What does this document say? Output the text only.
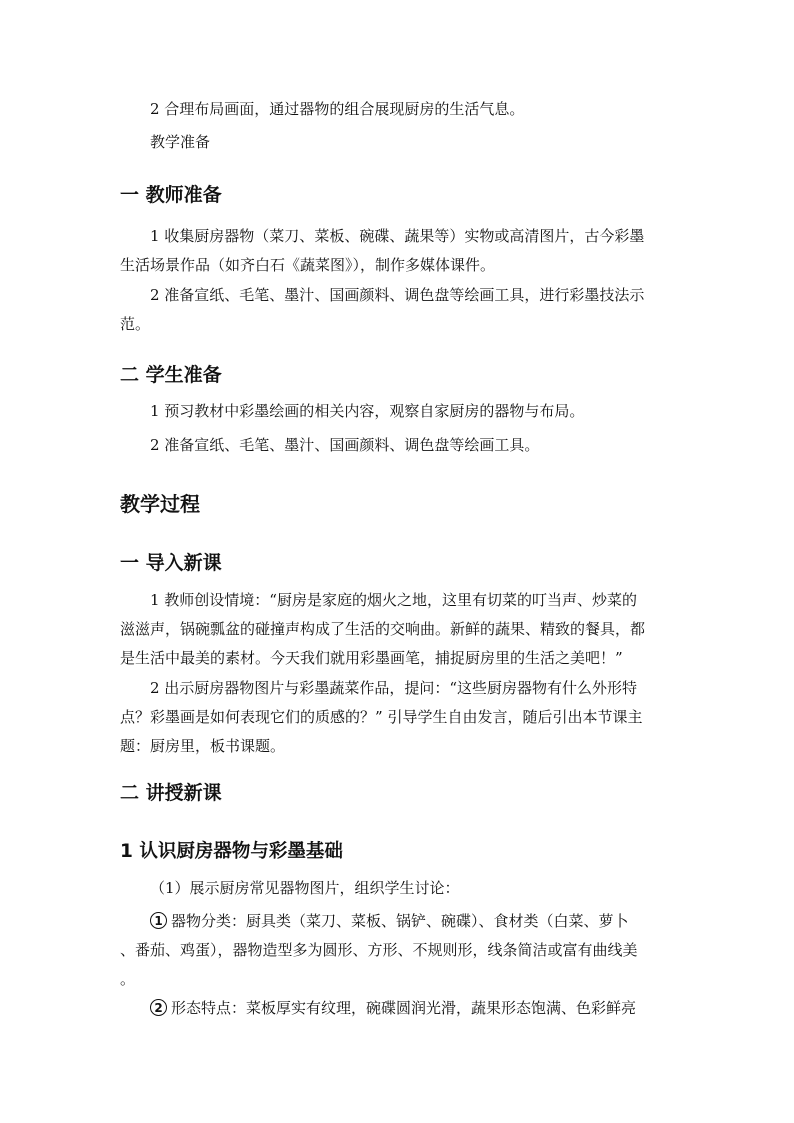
2 合理布局画面，通过器物的组合展现厨房的生活气息。

教学准备

一 教师准备
1 收集厨房器物（菜刀、菜板、碗碟、蔬果等）实物或高清图片，古今彩墨
生活场景作品（如齐白石《蔬菜图》），制作多媒体课件。
2 准备宣纸、毛笔、墨汁、国画颜料、调色盘等绘画工具，进行彩墨技法示
范。
二 学生准备

1 预习教材中彩墨绘画的相关内容，观察自家厨房的器物与布局。

2 准备宣纸、毛笔、墨汁、国画颜料、调色盘等绘画工具。

教学过程
一 导入新课
1 教师创设情境：“厨房是家庭的烟火之地，这里有切菜的叮当声、炒菜的
滋滋声，锅碗瓢盆的碰撞声构成了生活的交响曲。新鲜的蔬果、精致的餐具，都
是生活中最美的素材。今天我们就用彩墨画笔，捕捉厨房里的生活之美吧！”
2 出示厨房器物图片与彩墨蔬菜作品，提问：“这些厨房器物有什么外形特
点？彩墨画是如何表现它们的质感的？” 引导学生自由发言，随后引出本节课主
题：厨房里，板书课题。
二 讲授新课
1 认识厨房器物与彩墨基础

（1）展示厨房常见器物图片，组织学生讨论：

1 器物分类：厨具类（菜刀、菜板、锅铲、碗碟）、食材类（白菜、萝卜
、番茄、鸡蛋），器物造型多为圆形、方形、不规则形，线条简洁或富有曲线美
。
2 形态特点：菜板厚实有纹理，碗碟圆润光滑，蔬果形态饱满、色彩鲜亮
